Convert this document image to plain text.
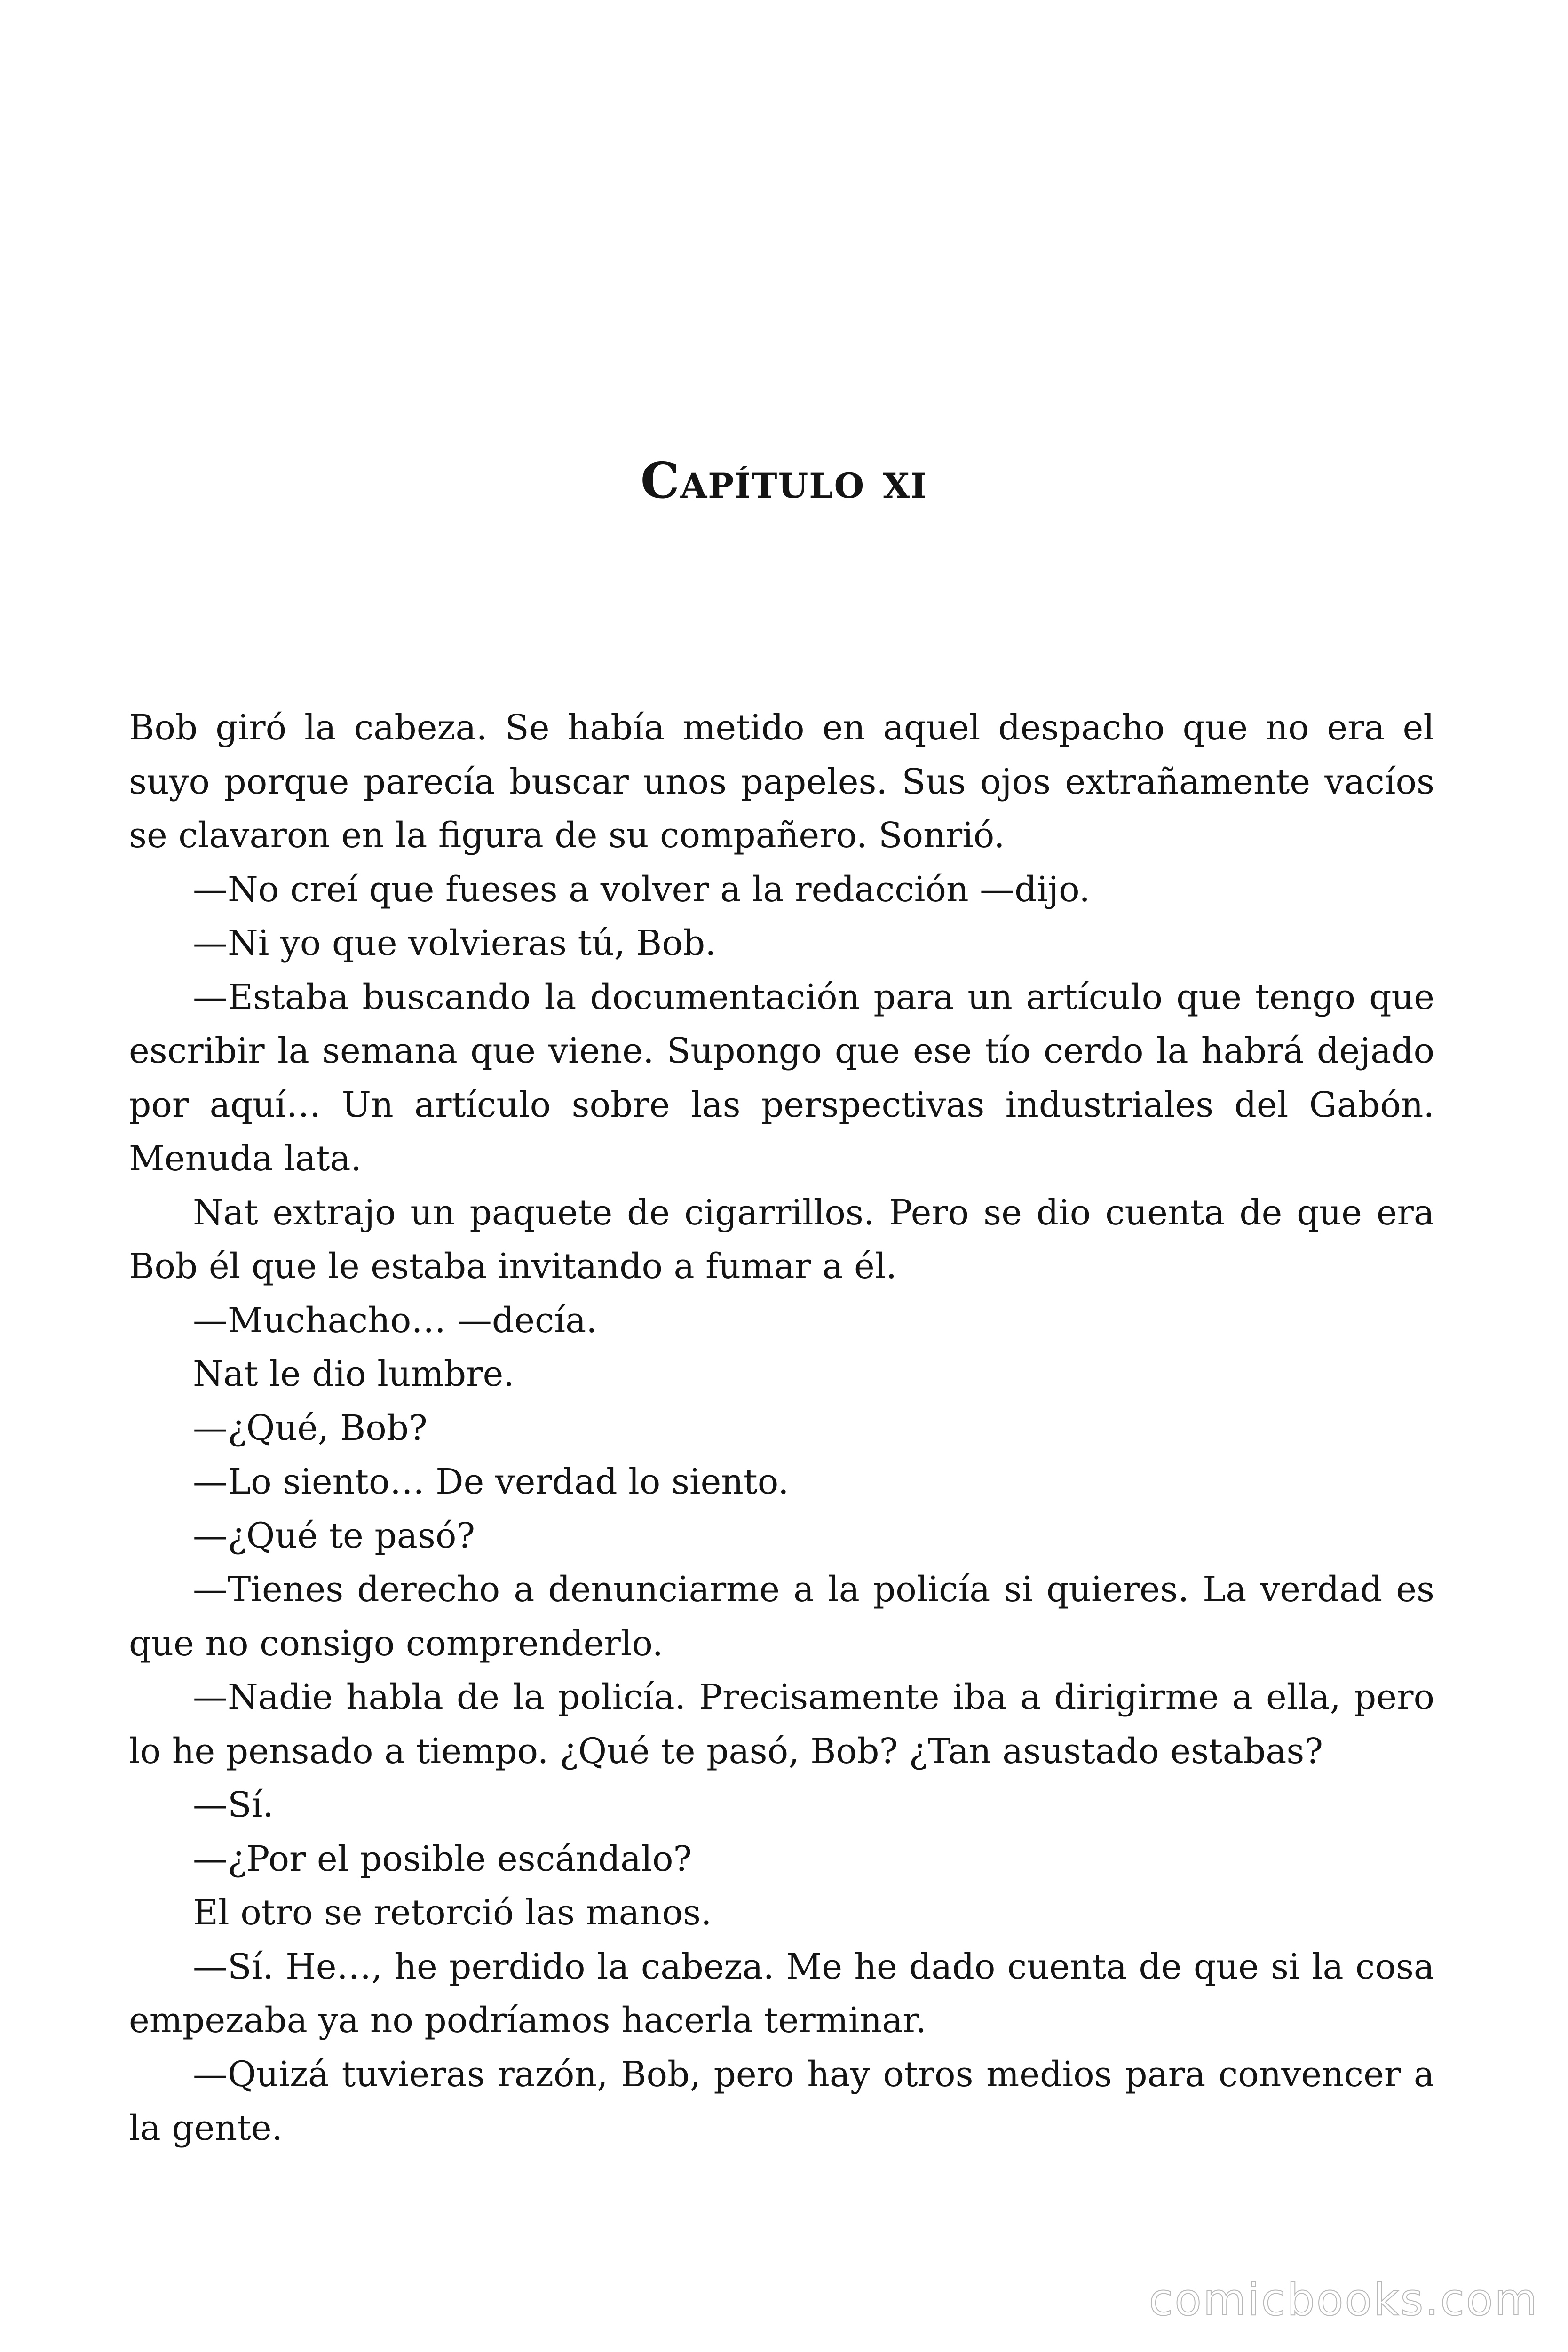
Capítulo xi

Bob giró la cabeza. Se había metido en aquel despacho que no era el suyo porque parecía buscar unos papeles. Sus ojos extrañamente vacíos se clavaron en la figura de su compañero. Sonrió.

—No creí que fueses a volver a la redacción —dijo.

—Ni yo que volvieras tú, Bob.

—Estaba buscando la documentación para un artículo que tengo que escribir la semana que viene. Supongo que ese tío cerdo la habrá dejado por aquí… Un artículo sobre las perspectivas industriales del Gabón. Menuda lata.

Nat extrajo un paquete de cigarrillos. Pero se dio cuenta de que era Bob él que le estaba invitando a fumar a él.

—Muchacho… —decía.

Nat le dio lumbre.

—¿Qué, Bob?

—Lo siento… De verdad lo siento.

—¿Qué te pasó?

—Tienes derecho a denunciarme a la policía si quieres. La verdad es que no consigo comprenderlo.

—Nadie habla de la policía. Precisamente iba a dirigirme a ella, pero lo he pensado a tiempo. ¿Qué te pasó, Bob? ¿Tan asustado estabas?

—Sí.

—¿Por el posible escándalo?

El otro se retorció las manos.

—Sí. He…, he perdido la cabeza. Me he dado cuenta de que si la cosa empezaba ya no podríamos hacerla terminar.

—Quizá tuvieras razón, Bob, pero hay otros medios para convencer a la gente.

comicbooks.com
